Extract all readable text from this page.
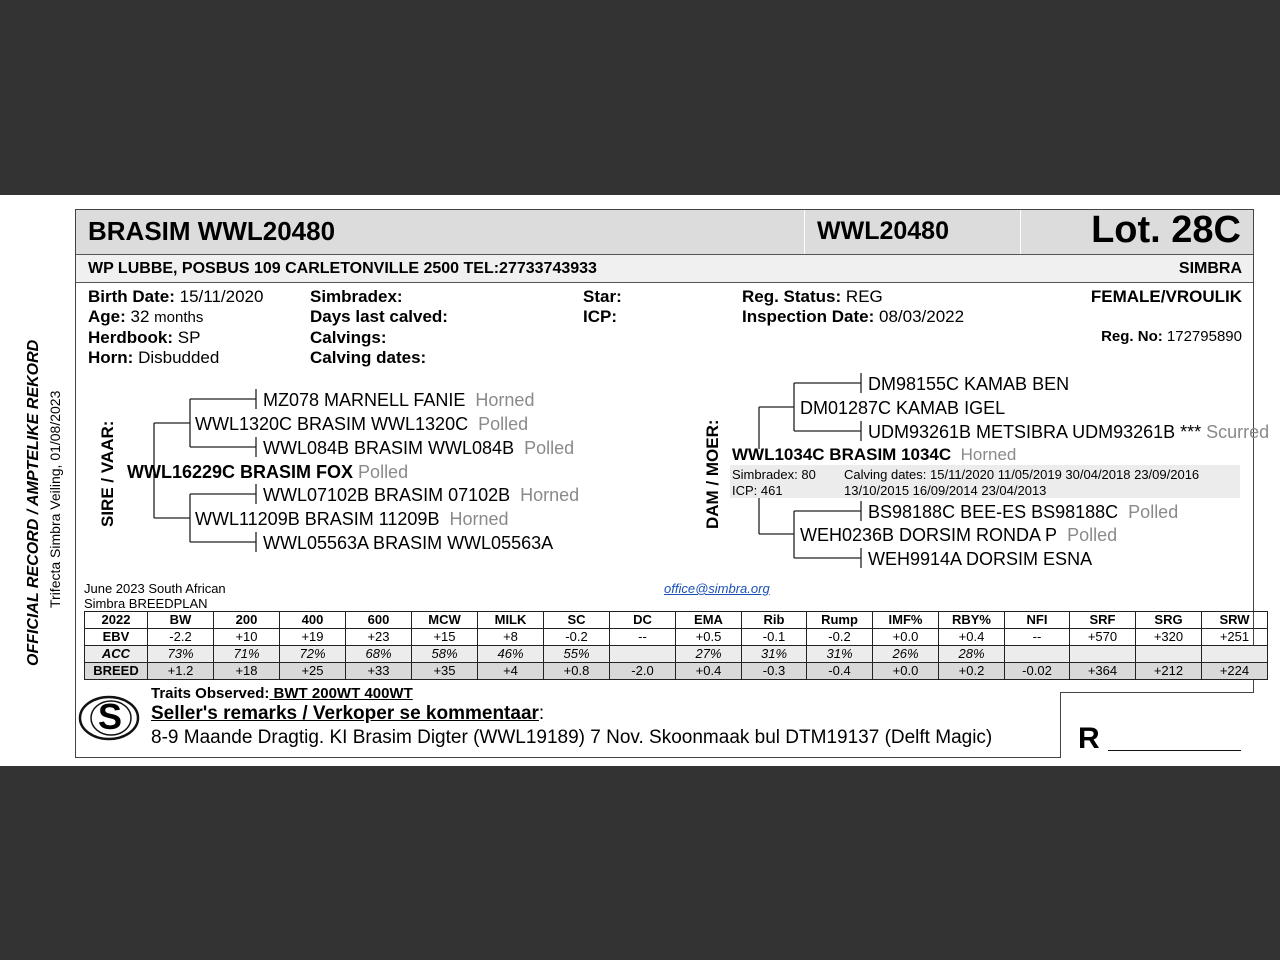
BRASIM WWL20480	WWL20480	Lot. 28C
WP LUBBE, POSBUS 109 CARLETONVILLE 2500 TEL:27733743933	SIMBRA
OFFICIAL RECORD / AMPTELIKE REKORD Trifecta Simbra Veiling, 01/08/2023
Birth Date: 15/11/2020
Age: 32 months
Herdbook: SP
Horn: Disbudded
Simbradex:
Days last calved:
Calvings:
Calving dates:
Star:
ICP:
Reg. Status: REG
Inspection Date: 08/03/2022
FEMALE/VROULIK
Reg. No: 172795890
SIRE / VAAR: WWL16229C BRASIM FOX Polled
WWL1320C BRASIM WWL1320C Polled
MZ078 MARNELL FANIE Horned
WWL084B BRASIM WWL084B Polled
WWL11209B BRASIM 11209B Horned
WWL07102B BRASIM 07102B Horned
WWL05563A BRASIM WWL05563A
DAM / MOER: WWL1034C BRASIM 1034C Horned
Simbradex: 80
ICP: 461
Calving dates: 15/11/2020 11/05/2019 30/04/2018 23/09/2016
13/10/2015 16/09/2014 23/04/2013
DM01287C KAMAB IGEL
DM98155C KAMAB BEN
UDM93261B METSIBRA UDM93261B *** Scurred
WEH0236B DORSIM RONDA P Polled
BS98188C BEE-ES BS98188C Polled
WEH9914A DORSIM ESNA
June 2023 South African
Simbra BREEDPLAN
office@simbra.org
2022	BW	200	400	600	MCW	MILK	SC	DC	EMA	Rib	Rump	IMF%	RBY%	NFI	SRF	SRG	SRW
EBV	-2.2	+10	+19	+23	+15	+8	-0.2	--	+0.5	-0.1	-0.2	+0.0	+0.4	--	+570	+320	+251
ACC	73%	71%	72%	68%	58%	46%	55%		27%	31%	31%	26%	28%				
BREED	+1.2	+18	+25	+33	+35	+4	+0.8	-2.0	+0.4	-0.3	-0.4	+0.0	+0.2	-0.02	+364	+212	+224
S
Traits Observed: BWT 200WT 400WT
Seller's remarks / Verkoper se kommentaar:
8-9 Maande Dragtig. KI Brasim Digter (WWL19189) 7 Nov. Skoonmaak bul DTM19137 (Delft Magic)	R
